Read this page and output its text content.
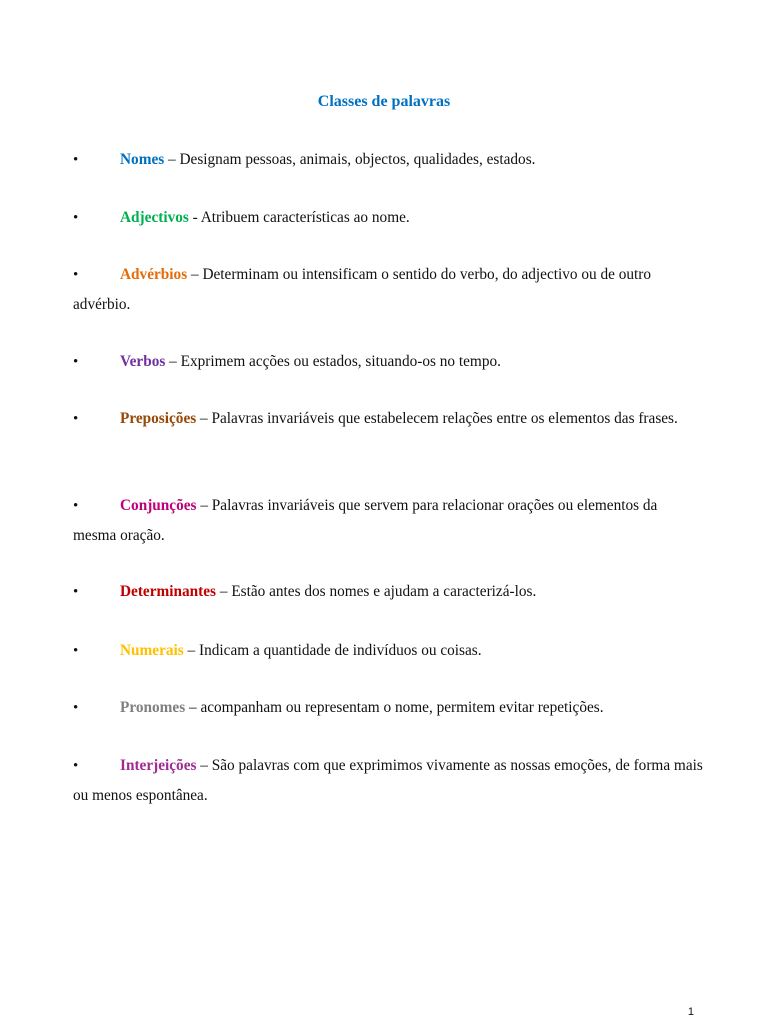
Classes de palavras
•	Nomes – Designam pessoas, animais, objectos, qualidades, estados.
•	Adjectivos - Atribuem características ao nome.
•	Advérbios – Determinam ou intensificam o sentido do verbo, do adjectivo ou de outro advérbio.
•	Verbos – Exprimem acções ou estados, situando-os no tempo.
•	Preposições – Palavras invariáveis que estabelecem relações entre os elementos das frases.
•	Conjunções – Palavras invariáveis que servem para relacionar orações ou elementos da mesma oração.
•	Determinantes – Estão antes dos nomes e ajudam a caracterizá-los.
•	Numerais – Indicam a quantidade de indivíduos ou coisas.
•	Pronomes – acompanham ou representam o nome, permitem evitar repetições.
•	Interjeições – São palavras com que exprimimos vivamente as nossas emoções, de forma mais ou menos espontânea.
1
